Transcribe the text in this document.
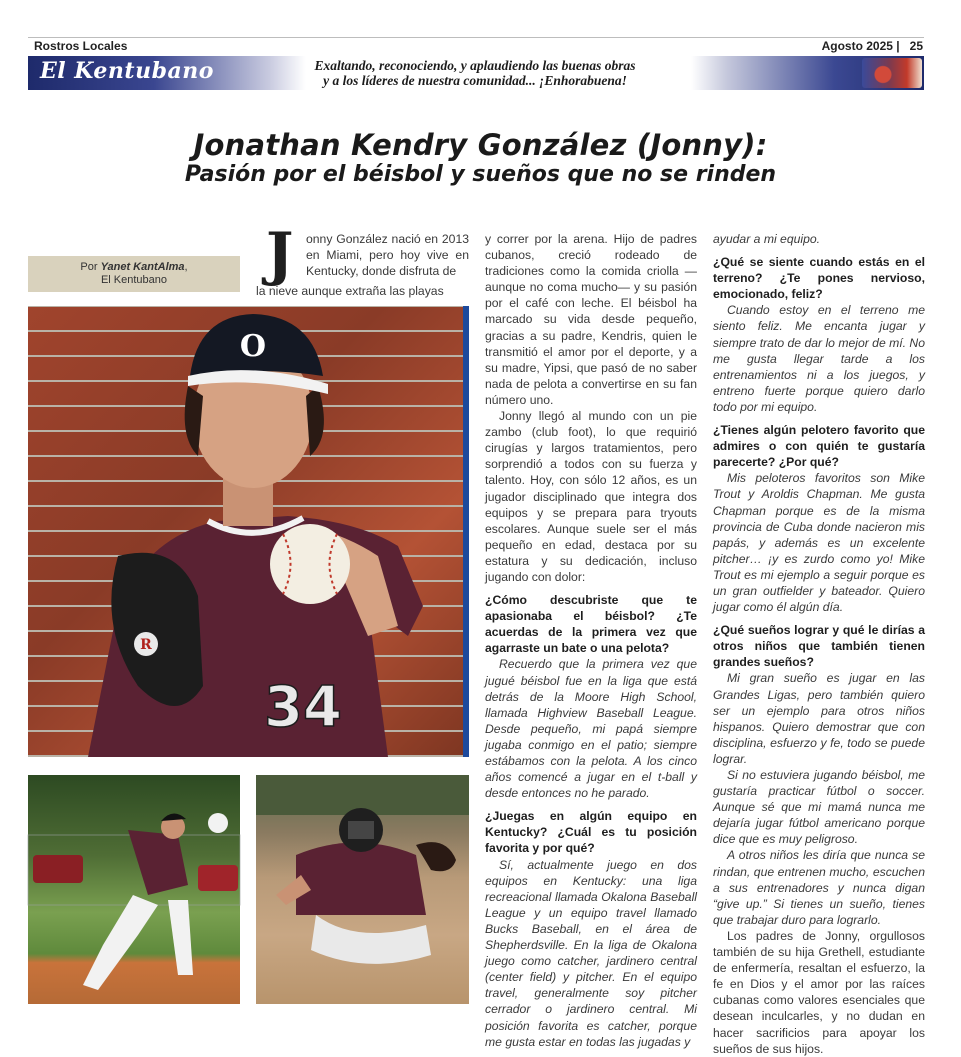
Rostros Locales	Agosto 2025 |   25
El Kentubano	Exaltando, reconociendo, y aplaudiendo las buenas obras
y a los líderes de nuestra comunidad... ¡Enhorabuena!
Jonathan Kendry González (Jonny):
Pasión por el béisbol y sueños que no se rinden
Por Yanet KantAlma,
El Kentubano	J onny González nació en 2013 en Miami, pero hoy vive en Kentucky, donde disfruta de
la nieve aunque extraña las playas
O
R
34

y correr por la arena. Hijo de padres cubanos, creció rodeado de tradiciones como la comida criolla —aunque no coma mucho— y su pasión por el café con leche. El béisbol ha marcado su vida desde pequeño, gracias a su padre, Kendris, quien le transmitió el amor por el deporte, y a su madre, Yipsi, que pasó de no saber nada de pelota a convertirse en su fan número uno.

Jonny llegó al mundo con un pie zambo (club foot), lo que requirió cirugías y largos tratamientos, pero sorprendió a todos con su fuerza y talento. Hoy, con sólo 12 años, es un jugador disciplinado que integra dos equipos y se prepara para tryouts escolares. Aunque suele ser el más pequeño en edad, destaca por su estatura y su dedicación, incluso jugando con dolor:

¿Cómo descubriste que te apasionaba el béisbol? ¿Te acuerdas de la primera vez que agarraste un bate o una pelota?

Recuerdo que la primera vez que jugué béisbol fue en la liga que está detrás de la Moore High School, llamada Highview Baseball League. Desde pequeño, mi papá siempre jugaba conmigo en el patio; siempre estábamos con la pelota. A los cinco años comencé a jugar en el t-ball y desde entonces no he parado.

¿Juegas en algún equipo en Kentucky? ¿Cuál es tu posición favorita y por qué?

Sí, actualmente juego en dos equipos en Kentucky: una liga recreacional llamada Okalona Baseball League y un equipo travel llamado Bucks Baseball, en el área de Shepherdsville. En la liga de Okalona juego como catcher, jardinero central (center field) y pitcher. En el equipo travel, generalmente soy pitcher cerrador o jardinero central. Mi posición favorita es catcher, porque me gusta estar en todas las jugadas y

ayudar a mi equipo.

¿Qué se siente cuando estás en el terreno? ¿Te pones nervioso, emocionado, feliz?

Cuando estoy en el terreno me siento feliz. Me encanta jugar y siempre trato de dar lo mejor de mí. No me gusta llegar tarde a los entrenamientos ni a los juegos, y entreno fuerte porque quiero darlo todo por mi equipo.

¿Tienes algún pelotero favorito que admires o con quién te gustaría parecerte? ¿Por qué?

Mis peloteros favoritos son Mike Trout y Aroldis Chapman. Me gusta Chapman porque es de la misma provincia de Cuba donde nacieron mis papás, y además es un excelente pitcher… ¡y es zurdo como yo! Mike Trout es mi ejemplo a seguir porque es un gran outfielder y bateador. Quiero jugar como él algún día.

¿Qué sueños lograr y qué le dirías a otros niños que también tienen grandes sueños?

Mi gran sueño es jugar en las Grandes Ligas, pero también quiero ser un ejemplo para otros niños hispanos. Quiero demostrar que con disciplina, esfuerzo y fe, todo se puede lograr.

Si no estuviera jugando béisbol, me gustaría practicar fútbol o soccer. Aunque sé que mi mamá nunca me dejaría jugar fútbol americano porque dice que es muy peligroso.

A otros niños les diría que nunca se rindan, que entrenen mucho, escuchen a sus entrenadores y nunca digan “give up.” Si tienes un sueño, tienes que trabajar duro para lograrlo.

Los padres de Jonny, orgullosos también de su hija Grethell, estudiante de enfermería, resaltan el esfuerzo, la fe en Dios y el amor por las raíces cubanas como valores esenciales que desean inculcarles, y no dudan en hacer sacrificios para apoyar los sueños de sus hijos.
